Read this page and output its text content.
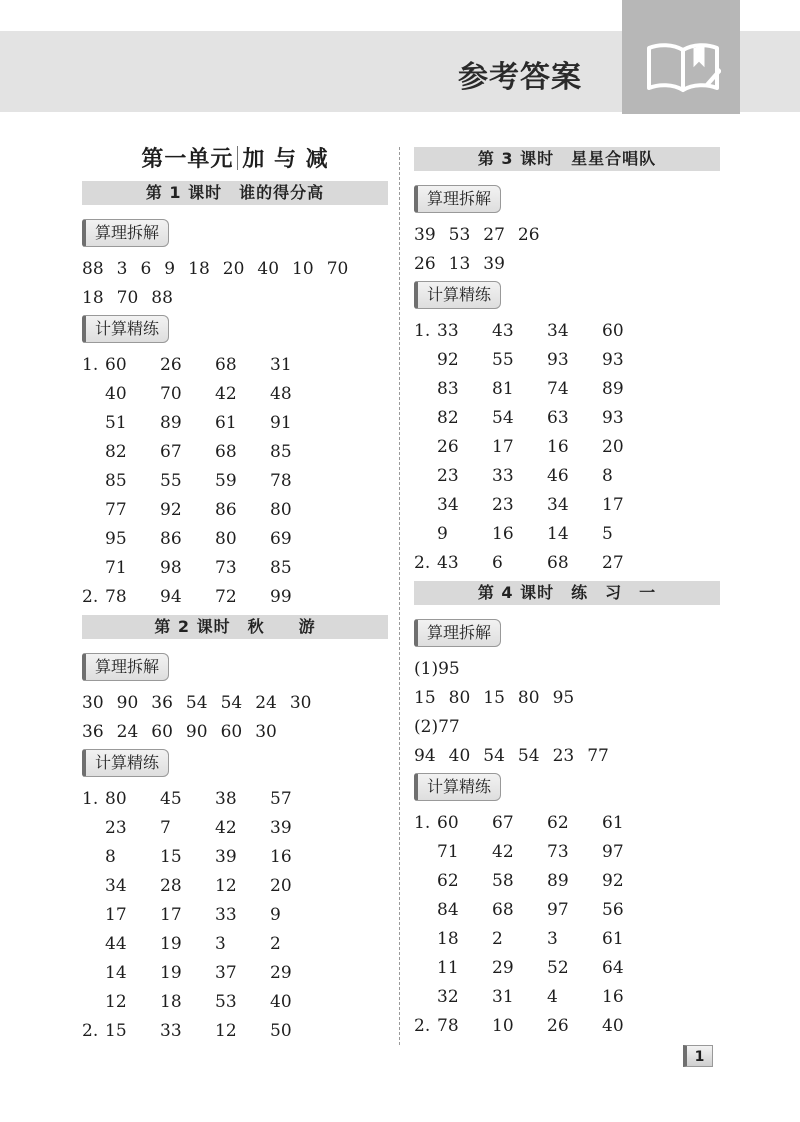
参考答案
第一单元 加 与 减
第 1 课时　谁的得分高
算理拆解
88 3 6 9 18 20 40 10 70
18 70 88
计算精练
1. 60 26 68 31
40 70 42 48
51 89 61 91
82 67 68 85
85 55 59 78
77 92 86 80
95 86 80 69
71 98 73 85
2. 78 94 72 99
第 2 课时　秋　　游
算理拆解
30 90 36 54 54 24 30
36 24 60 90 60 30
计算精练
1. 80 45 38 57
23 7	42 39
8	15 39 16
34 28 12 20
17 17 33 9
44 19 3	2
14 19 37 29
12 18 53 40
2. 15 33 12 50
第 3 课时　星星合唱队
算理拆解
39 53 27 26
26 13 39
计算精练
1. 33 43 34 60
92 55 93 93
83 81 74 89
82 54 63 93
26 17 16 20
23 33 46 8
34 23 34 17
9	16 14 5
2. 43 6	68 27
第 4 课时　练　习　一
算理拆解
(1)95
15 80 15 80 95
(2)77
94 40 54 54 23 77
计算精练
1. 60 67 62 61
71 42 73 97
62 58 89 92
84 68 97 56
18 2	3	61
11 29 52 64
32 31 4	16
2. 78 10 26 40
1
